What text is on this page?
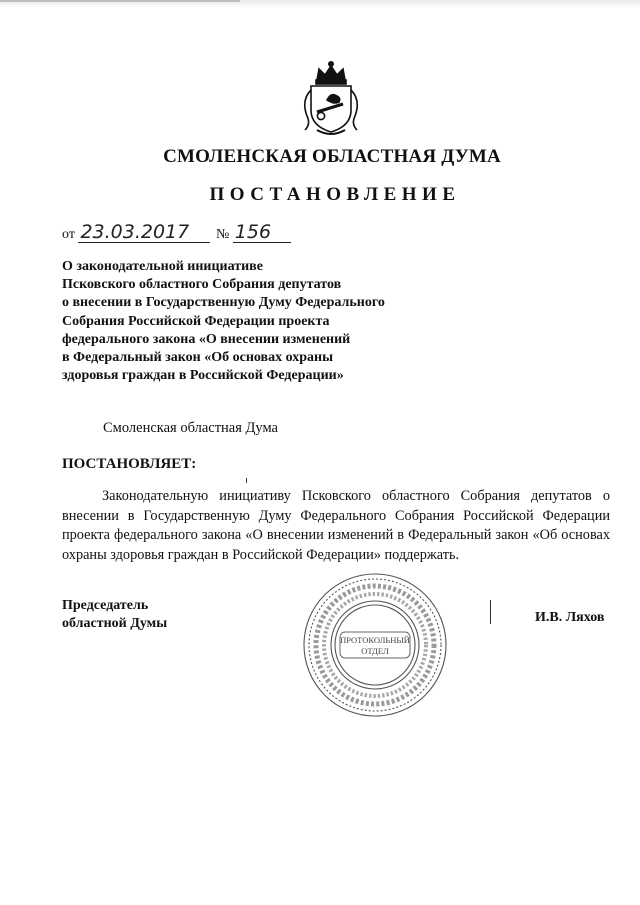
СМОЛЕНСКАЯ ОБЛАСТНАЯ ДУМА
ПОСТАНОВЛЕНИЕ
от 23.03.2017 № 156
О законодательной инициативе
Псковского областного Собрания депутатов
о внесении в Государственную Думу Федерального
Собрания Российской Федерации проекта
федерального закона «О внесении изменений
в Федеральный закон «Об основах охраны
здоровья граждан в Российской Федерации»
Смоленская областная Дума
ПОСТАНОВЛЯЕТ:

Законодательную инициативу Псковского областного Собрания депутатов о внесении в Государственную Думу Федерального Собрания Российской Федерации проекта федерального закона «О внесении изменений в Федеральный закон «Об основах охраны здоровья граждан в Российской Федерации» поддержать.

Председатель
областной Думы	И.В. Ляхов
ПРОТОКОЛЬНЫЙ
ОТДЕЛ
